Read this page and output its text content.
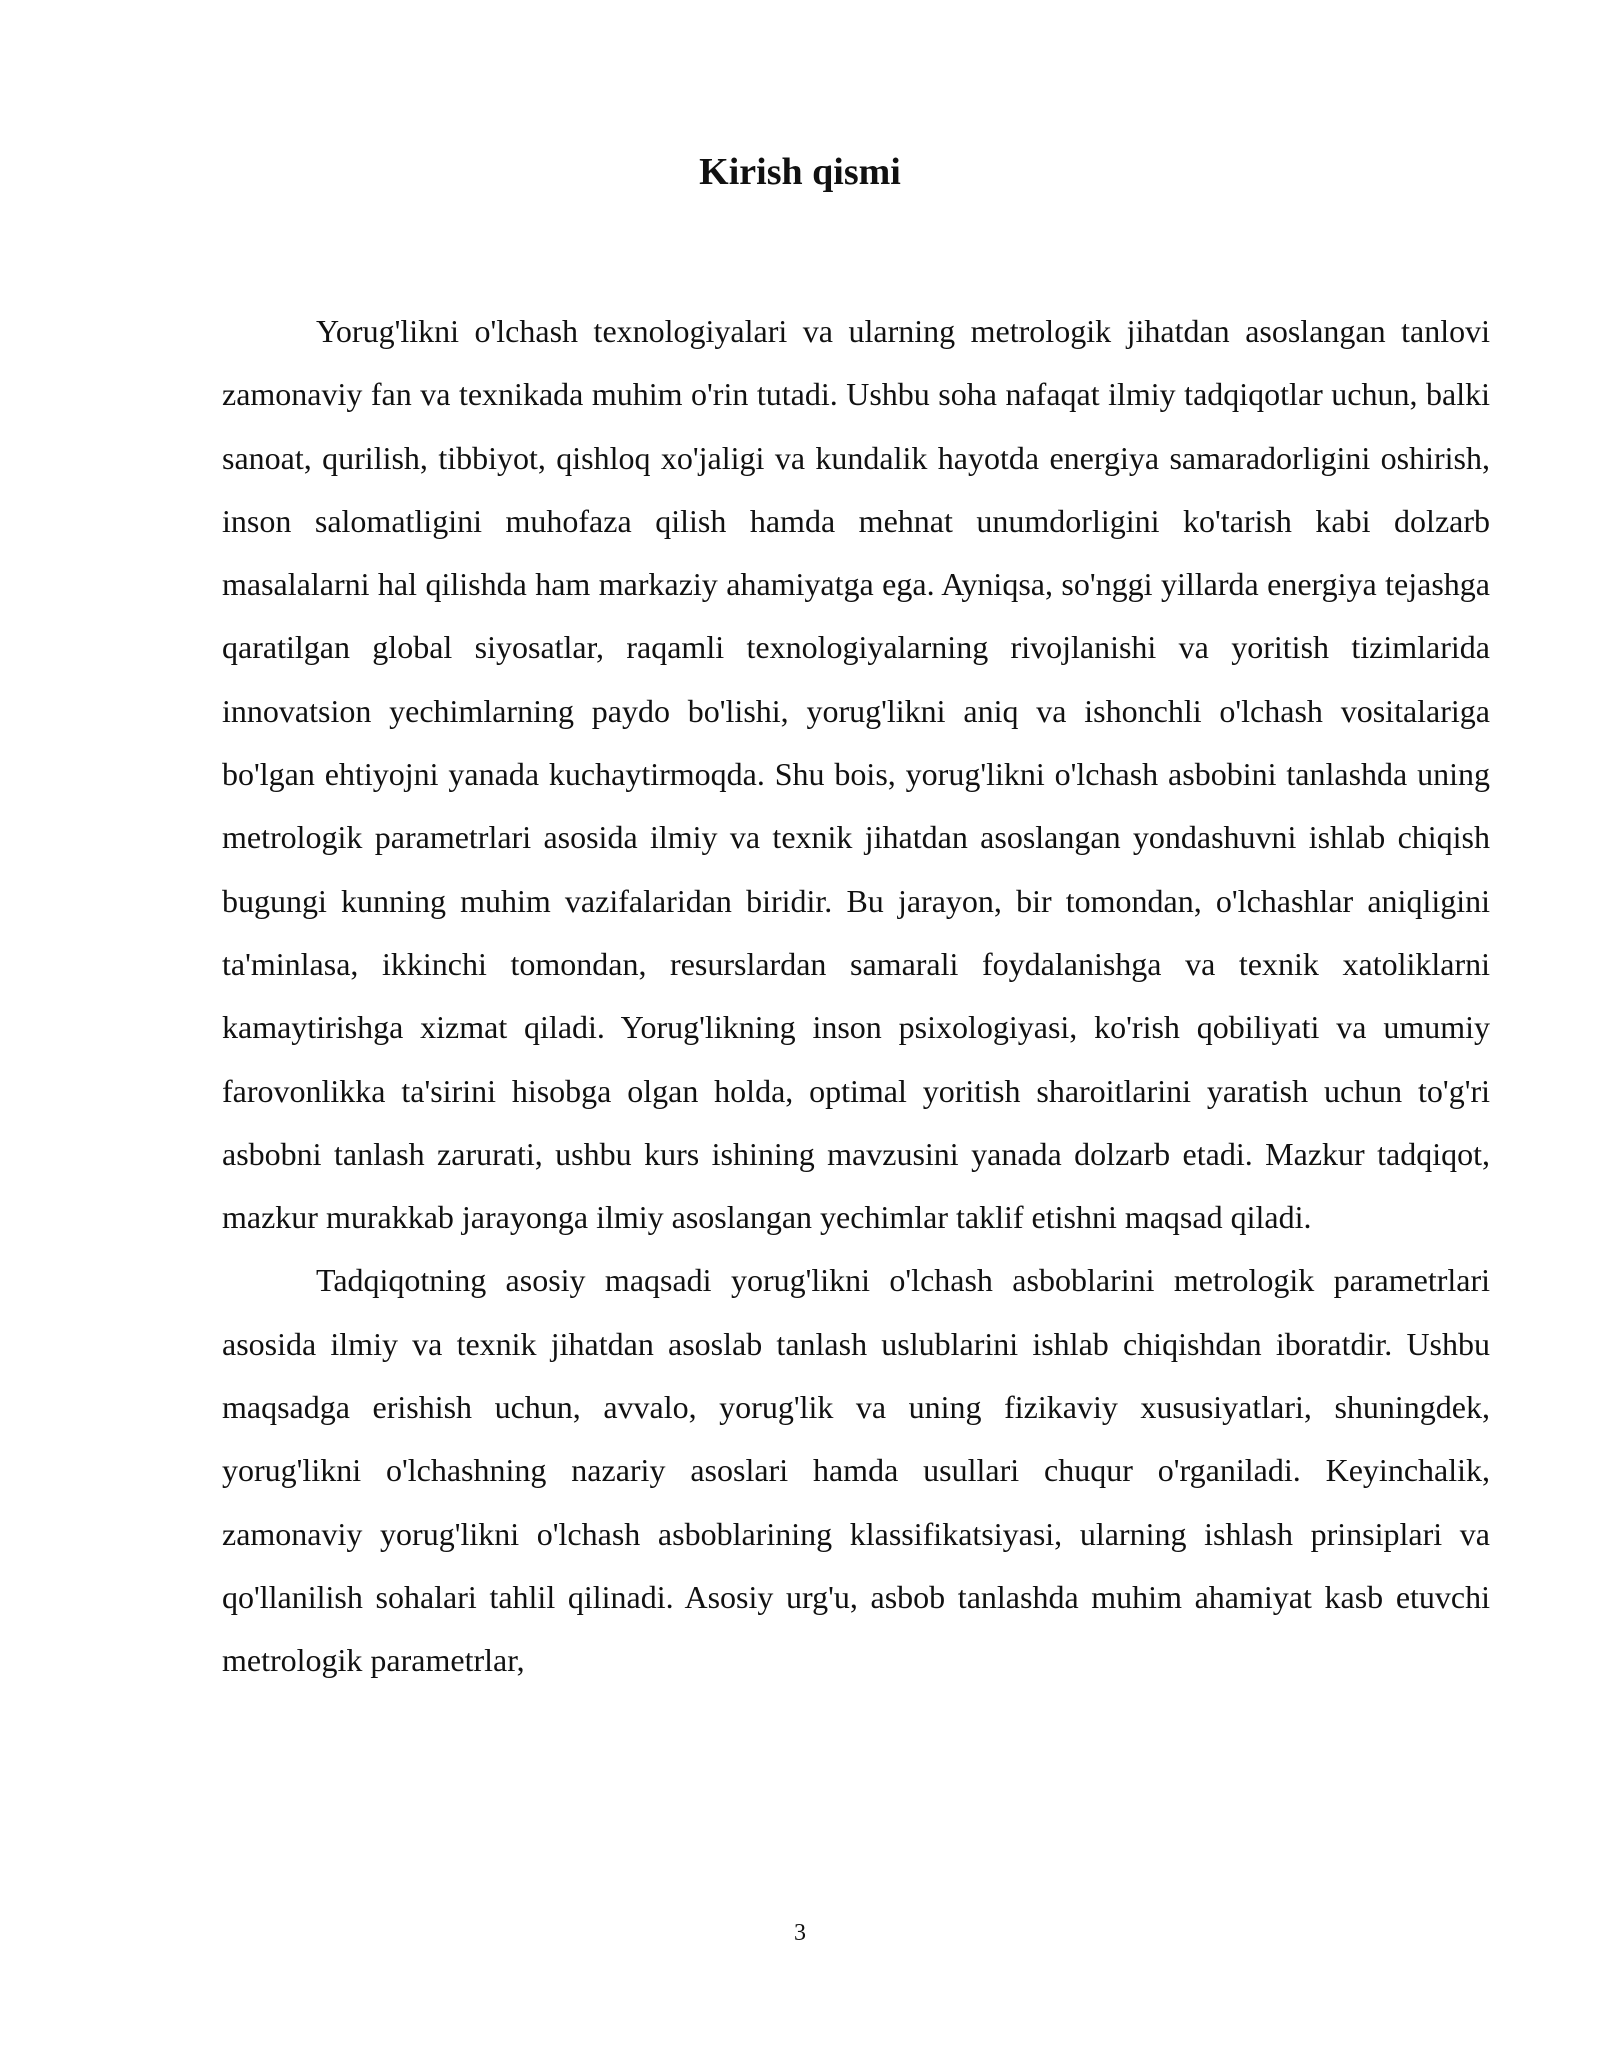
Kirish qismi

Yorug'likni o'lchash texnologiyalari va ularning metrologik jihatdan asoslangan tanlovi zamonaviy fan va texnikada muhim o'rin tutadi. Ushbu soha nafaqat ilmiy tadqiqotlar uchun, balki sanoat, qurilish, tibbiyot, qishloq xo'jaligi va kundalik hayotda energiya samaradorligini oshirish, inson salomatligini muhofaza qilish hamda mehnat unumdorligini ko'tarish kabi dolzarb masalalarni hal qilishda ham markaziy ahamiyatga ega. Ayniqsa, so'nggi yillarda energiya tejashga qaratilgan global siyosatlar, raqamli texnologiyalarning rivojlanishi va yoritish tizimlarida innovatsion yechimlarning paydo bo'lishi, yorug'likni aniq va ishonchli o'lchash vositalariga bo'lgan ehtiyojni yanada kuchaytirmoqda. Shu bois, yorug'likni o'lchash asbobini tanlashda uning metrologik parametrlari asosida ilmiy va texnik jihatdan asoslangan yondashuvni ishlab chiqish bugungi kunning muhim vazifalaridan biridir. Bu jarayon, bir tomondan, o'lchashlar aniqligini ta'minlasa, ikkinchi tomondan, resurslardan samarali foydalanishga va texnik xatoliklarni kamaytirishga xizmat qiladi. Yorug'likning inson psixologiyasi, ko'rish qobiliyati va umumiy farovonlikka ta'sirini hisobga olgan holda, optimal yoritish sharoitlarini yaratish uchun to'g'ri asbobni tanlash zarurati, ushbu kurs ishining mavzusini yanada dolzarb etadi. Mazkur tadqiqot, mazkur murakkab jarayonga ilmiy asoslangan yechimlar taklif etishni maqsad qiladi.

Tadqiqotning asosiy maqsadi yorug'likni o'lchash asboblarini metrologik parametrlari asosida ilmiy va texnik jihatdan asoslab tanlash uslublarini ishlab chiqishdan iboratdir. Ushbu maqsadga erishish uchun, avvalo, yorug'lik va uning fizikaviy xususiyatlari, shuningdek, yorug'likni o'lchashning nazariy asoslari hamda usullari chuqur o'rganiladi. Keyinchalik, zamonaviy yorug'likni o'lchash asboblarining klassifikatsiyasi, ularning ishlash prinsiplari va qo'llanilish sohalari tahlil qilinadi. Asosiy urg'u, asbob tanlashda muhim ahamiyat kasb etuvchi metrologik parametrlar,

3
